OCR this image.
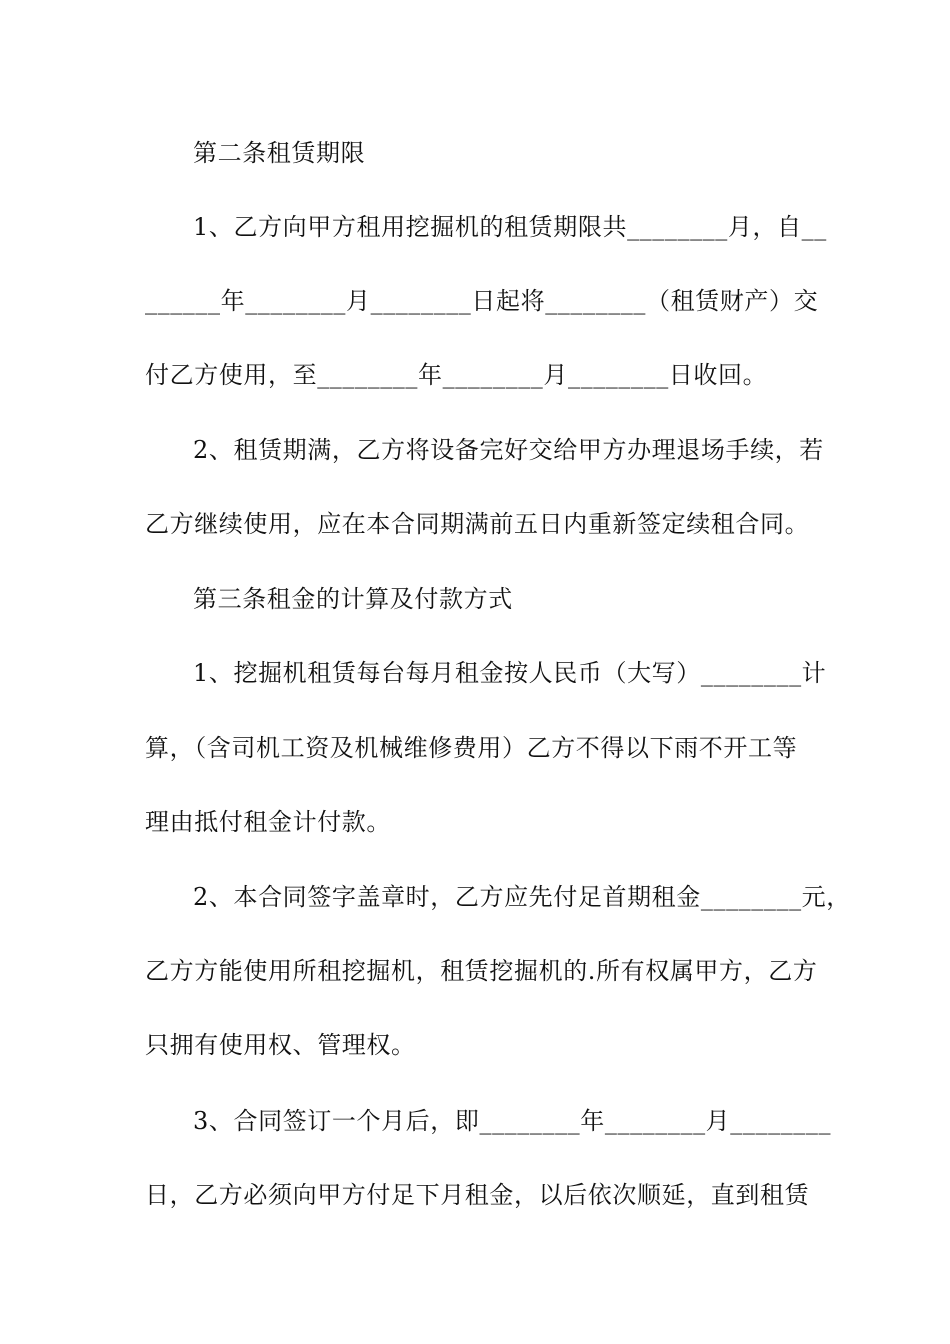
第二条租赁期限
1、乙方向甲方租用挖掘机的租赁期限共________月，自__
______年________月________日起将________（租赁财产）交
付乙方使用，至________年________月________日收回。
2、租赁期满，乙方将设备完好交给甲方办理退场手续，若
乙方继续使用，应在本合同期满前五日内重新签定续租合同。
第三条租金的计算及付款方式
1、挖掘机租赁每台每月租金按人民币（大写）________计
算，（含司机工资及机械维修费用）乙方不得以下雨不开工等
理由抵付租金计付款。
2、本合同签字盖章时，乙方应先付足首期租金________元，
乙方方能使用所租挖掘机，租赁挖掘机的.所有权属甲方，乙方
只拥有使用权、管理权。
3、合同签订一个月后，即________年________月________
日，乙方必须向甲方付足下月租金，以后依次顺延，直到租赁
